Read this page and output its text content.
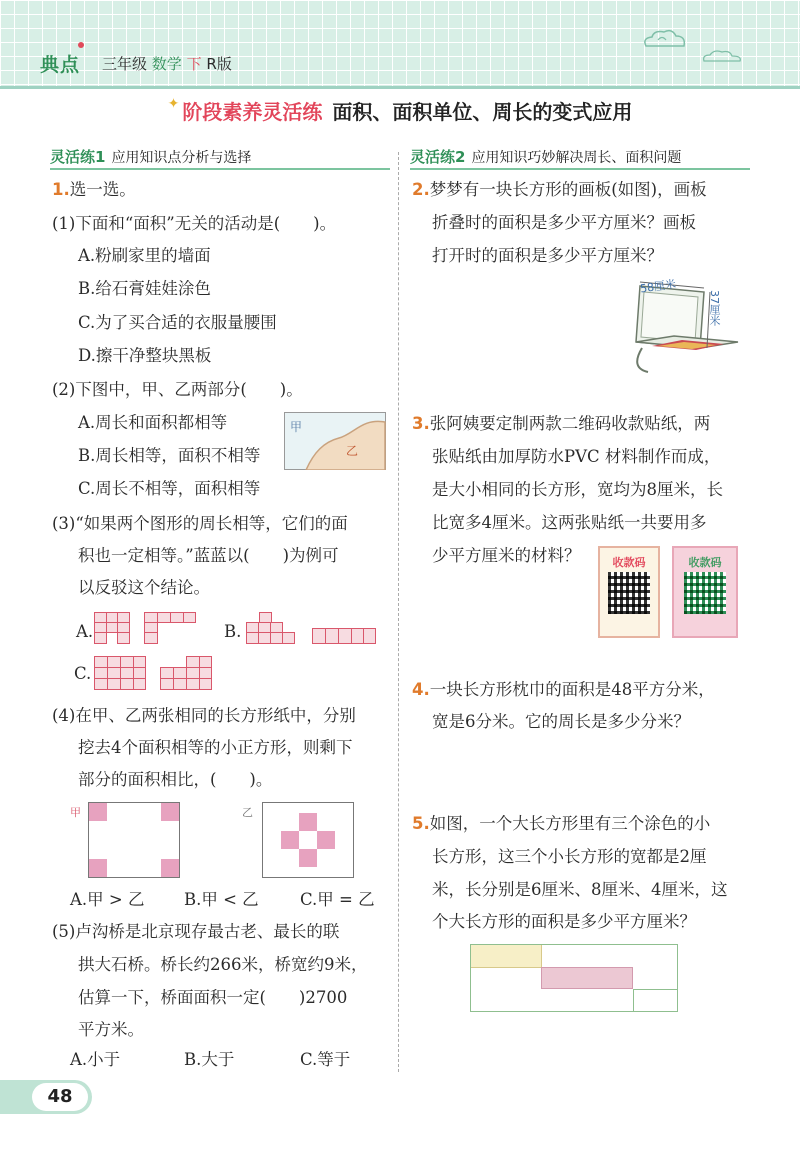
典点 三年级 数学 下 R版
✦ 阶段素养灵活练 面积、面积单位、周长的变式应用
灵活练1 应用知识点分析与选择	灵活练2 应用知识巧妙解决周长、面积问题
1.选一选。
(1)下面和“面积”无关的活动是(　　)。
A.粉刷家里的墙面
B.给石膏娃娃涂色
C.为了买合适的衣服量腰围
D.擦干净整块黑板
(2)下图中，甲、乙两部分(　　)。
A.周长和面积都相等
B.周长相等，面积不相等
C.周长不相等，面积相等
甲
乙
(3)“如果两个图形的周长相等，它们的面
积也一定相等。”蓝蓝以(　　)为例可
以反驳这个结论。
A.	B.
C.
(4)在甲、乙两张相同的长方形纸中，分别
挖去4个面积相等的小正方形，则剩下
部分的面积相比，(　　)。
甲	乙
A.甲 > 乙 B.甲 < 乙	C.甲 = 乙
(5)卢沟桥是北京现存最古老、最长的联
拱大石桥。桥长约266米，桥宽约9米，
估算一下，桥面面积一定(　　)2700
平方米。
A.小于	B.大于	C.等于
2.梦梦有一块长方形的画板(如图)，画板
折叠时的面积是多少平方厘米？画板
打开时的面积是多少平方厘米？
58厘米
37厘米
3.张阿姨要定制两款二维码收款贴纸，两
张贴纸由加厚防水PVC 材料制作而成，
是大小相同的长方形，宽均为8厘米，长
比宽多4厘米。这两张贴纸一共要用多
少平方厘米的材料？	收款码	收款码
4.一块长方形枕巾的面积是48平方分米，
宽是6分米。它的周长是多少分米？
5.如图，一个大长方形里有三个涂色的小
长方形，这三个小长方形的宽都是2厘
米，长分别是6厘米、8厘米、4厘米，这
个大长方形的面积是多少平方厘米？
48
